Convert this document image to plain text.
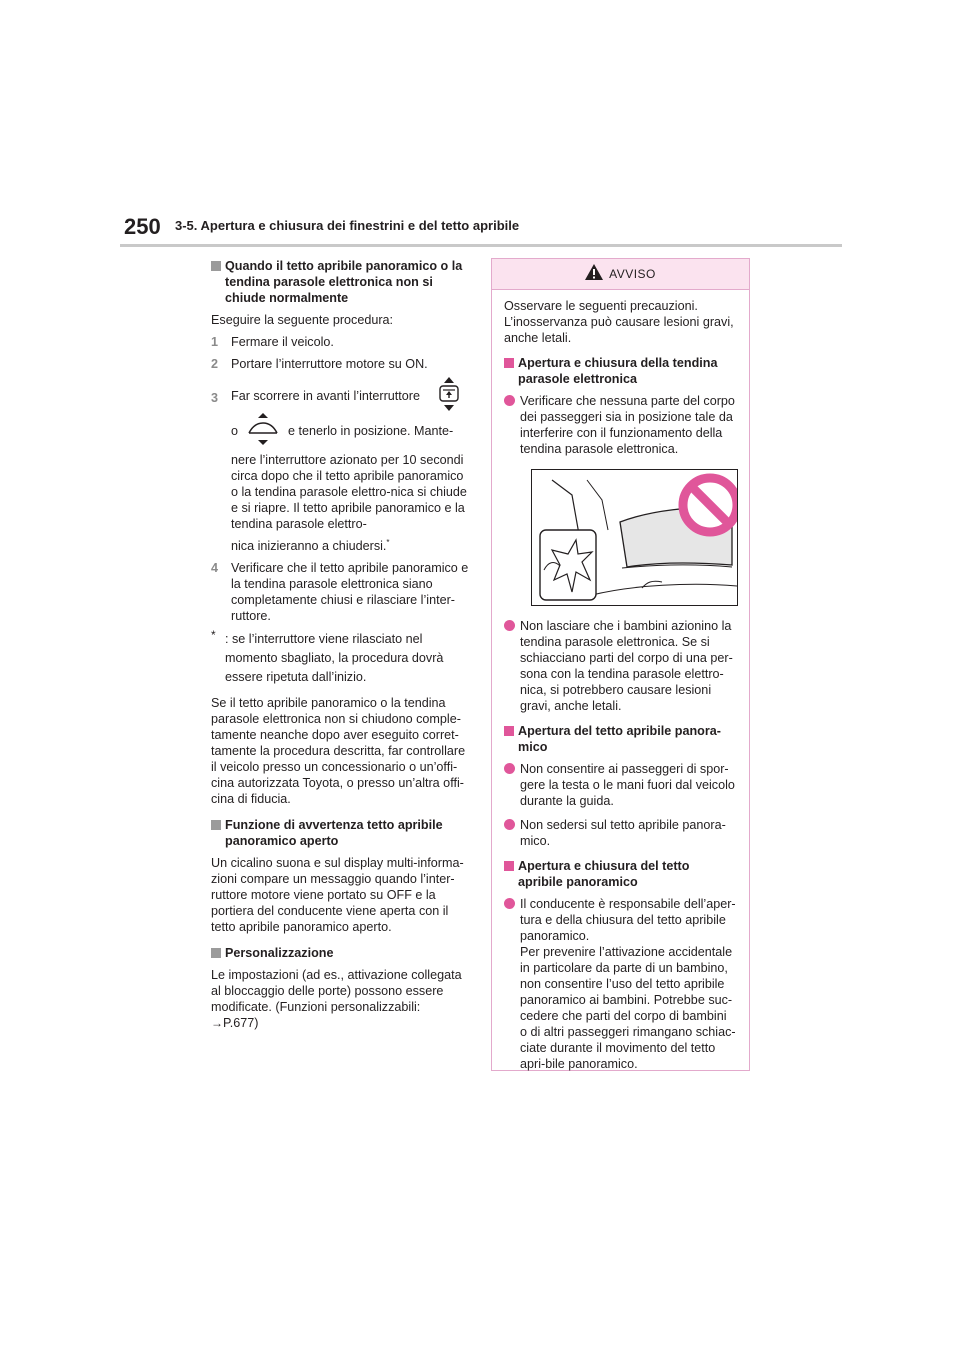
250 3-5. Apertura e chiusura dei finestrini e del tetto apribile
Quando il tetto apribile panoramico o la tendina parasole elettronica non si chiude normalmente
Eseguire la seguente procedura:
1 Fermare il veicolo.
2 Portare l’interruttore motore su ON.
3 Far scorrere in avanti l’interruttore
o	e tenerlo in posizione. Mante-
nere l’interruttore azionato per 10 secondi circa dopo che il tetto apribile panoramico o la tendina parasole elettro-nica si chiude e si riapre. Il tetto apribile panoramico e la tendina parasole elettro-
nica inizieranno a chiudersi.*
4 Verificare che il tetto apribile panoramico e la tendina parasole elettronica siano completamente chiusi e rilasciare l’inter-ruttore.
* : se l’interruttore viene rilasciato nel momento sbagliato, la procedura dovrà essere ripetuta dall’inizio.
Se il tetto apribile panoramico o la tendina parasole elettronica non si chiudono comple-tamente neanche dopo aver eseguito corret-tamente la procedura descritta, far controllare il veicolo presso un concessionario o un’offi-cina autorizzata Toyota, o presso un’altra offi-cina di fiducia.
Funzione di avvertenza tetto apribile panoramico aperto
Un cicalino suona e sul display multi-informa-zioni compare un messaggio quando l’inter-ruttore motore viene portato su OFF e la portiera del conducente viene aperta con il tetto apribile panoramico aperto.
Personalizzazione
Le impostazioni (ad es., attivazione collegata al bloccaggio delle porte) possono essere modificate. (Funzioni personalizzabili:
→P.677)
AVVISO
Osservare le seguenti precauzioni. L’inosservanza può causare lesioni gravi, anche letali.
Apertura e chiusura della tendina parasole elettronica
Verificare che nessuna parte del corpo dei passeggeri sia in posizione tale da interferire con il funzionamento della tendina parasole elettronica.
Non lasciare che i bambini azionino la tendina parasole elettronica. Se si schiacciano parti del corpo di una per-sona con la tendina parasole elettro-nica, si potrebbero causare lesioni gravi, anche letali.
Apertura del tetto apribile panora-mico
Non consentire ai passeggeri di spor-gere la testa o le mani fuori dal veicolo durante la guida.
Non sedersi sul tetto apribile panora-mico.
Apertura e chiusura del tetto apribile panoramico
Il conducente è responsabile dell’aper-tura e della chiusura del tetto apribile panoramico.
Per prevenire l’attivazione accidentale in particolare da parte di un bambino, non consentire l’uso del tetto apribile panoramico ai bambini. Potrebbe suc-cedere che parti del corpo di bambini o di altri passeggeri rimangano schiac-ciate durante il movimento del tetto apri-bile panoramico.
